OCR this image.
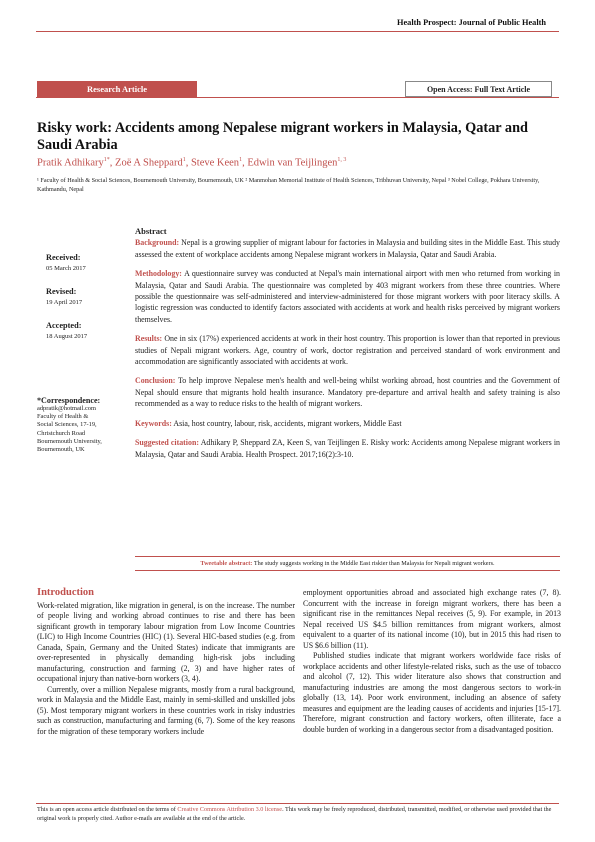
Health Prospect: Journal of Public Health
Research Article	Open Access: Full Text Article
Risky work: Accidents among Nepalese migrant workers in Malaysia, Qatar and Saudi Arabia
Pratik Adhikary$^{1*}$, Zoë A Sheppard$^1$, Steve Keen$^1$, Edwin van Teijlingen$^{1, 3}$
¹ Faculty of Health & Social Sciences, Bournemouth University, Bournemouth, UK ² Manmohan Memorial Institute of Health Sciences, Tribhuvan University, Nepal ³ Nobel College, Pokhara University, Kathmandu, Nepal
Received:
05 March 2017
Revised:
19 April 2017
Accepted:
18 August 2017
*Correspondence:
adpratik@hotmail.com
Faculty of Health &
Social Sciences, 17-19,
Christchurch Road
Bournemouth University,
Bournemouth, UK
Abstract

Background: Nepal is a growing supplier of migrant labour for factories in Malaysia and building sites in the Middle East. This study assessed the extent of workplace accidents among Nepalese migrant workers in Malaysia, Qatar and Saudi Arabia.

Methodology: A questionnaire survey was conducted at Nepal's main international airport with men who returned from working in Malaysia, Qatar and Saudi Arabia. The questionnaire was completed by 403 migrant workers from these three countries. Where possible the questionnaire was self-administered and interview-administered for those migrant workers with poor literacy skills. A logistic regression was conducted to identify factors associated with accidents at work and health risks perceived by migrant workers themselves.

Results: One in six (17%) experienced accidents at work in their host country. This proportion is lower than that reported in previous studies of Nepali migrant workers. Age, country of work, doctor registration and perceived standard of work environment and accommodation are significantly associated with accidents at work.

Conclusion: To help improve Nepalese men's health and well-being whilst working abroad, host countries and the Government of Nepal should ensure that migrants hold health insurance. Mandatory pre-departure and arrival health and safety training is also recommended as a way to reduce risks to the health of migrant workers.

Keywords: Asia, host country, labour, risk, accidents, migrant workers, Middle East

Suggested citation: Adhikary P, Sheppard ZA, Keen S, van Teijlingen E. Risky work: Accidents among Nepalese migrant workers in Malaysia, Qatar and Saudi Arabia. Health Prospect. 2017;16(2):3-10.

Tweetable abstract: The study suggests working in the Middle East riskier than Malaysia for Nepali migrant workers.
Introduction

Work-related migration, like migration in general, is on the increase. The number of people living and working abroad continues to rise and there has been significant growth in temporary labour migration from Low Income Countries (LIC) to High Income Countries (HIC) (1). Several HIC-based studies (e.g. from Canada, Spain, Germany and the United States) indicate that immigrants are over-represented in physically demanding high-risk jobs including manufacturing, construction and farming (2, 3) and have higher rates of occupational injury than native-born workers (3, 4).

Currently, over a million Nepalese migrants, mostly from a rural background, work in Malaysia and the Middle East, mainly in semi-skilled and unskilled jobs (5). Most temporary migrant workers in these countries work in risky industries such as construction, manufacturing and farming (6, 7). Some of the key reasons for the migration of these temporary workers include

employment opportunities abroad and associated high exchange rates (7, 8). Concurrent with the increase in foreign migrant workers, there has been a significant rise in the remittances Nepal receives (5, 9). For example, in 2013 Nepal received US $4.5 billion remittances from migrant workers, almost equivalent to a quarter of its national income (10), but in 2015 this had risen to US $6.6 billion (11).

Published studies indicate that migrant workers worldwide face risks of workplace accidents and other lifestyle-related risks, such as the use of tobacco and alcohol (7, 12). This wider literature also shows that construction and manufacturing industries are among the most dangerous sectors to work-in globally (13, 14). Poor work environment, including an absence of safety measures and equipment are the leading causes of accidents and injuries [15-17]. Therefore, migrant construction and factory workers, often illiterate, face a double burden of working in a dangerous sector from a disadvantaged position.

This is an open access article distributed on the terms of Creative Commons Attribution 3.0 license. This work may be freely reproduced, distributed, transmitted, modified, or otherwise used provided that the original work is properly cited. Author e-mails are available at the end of the article.
